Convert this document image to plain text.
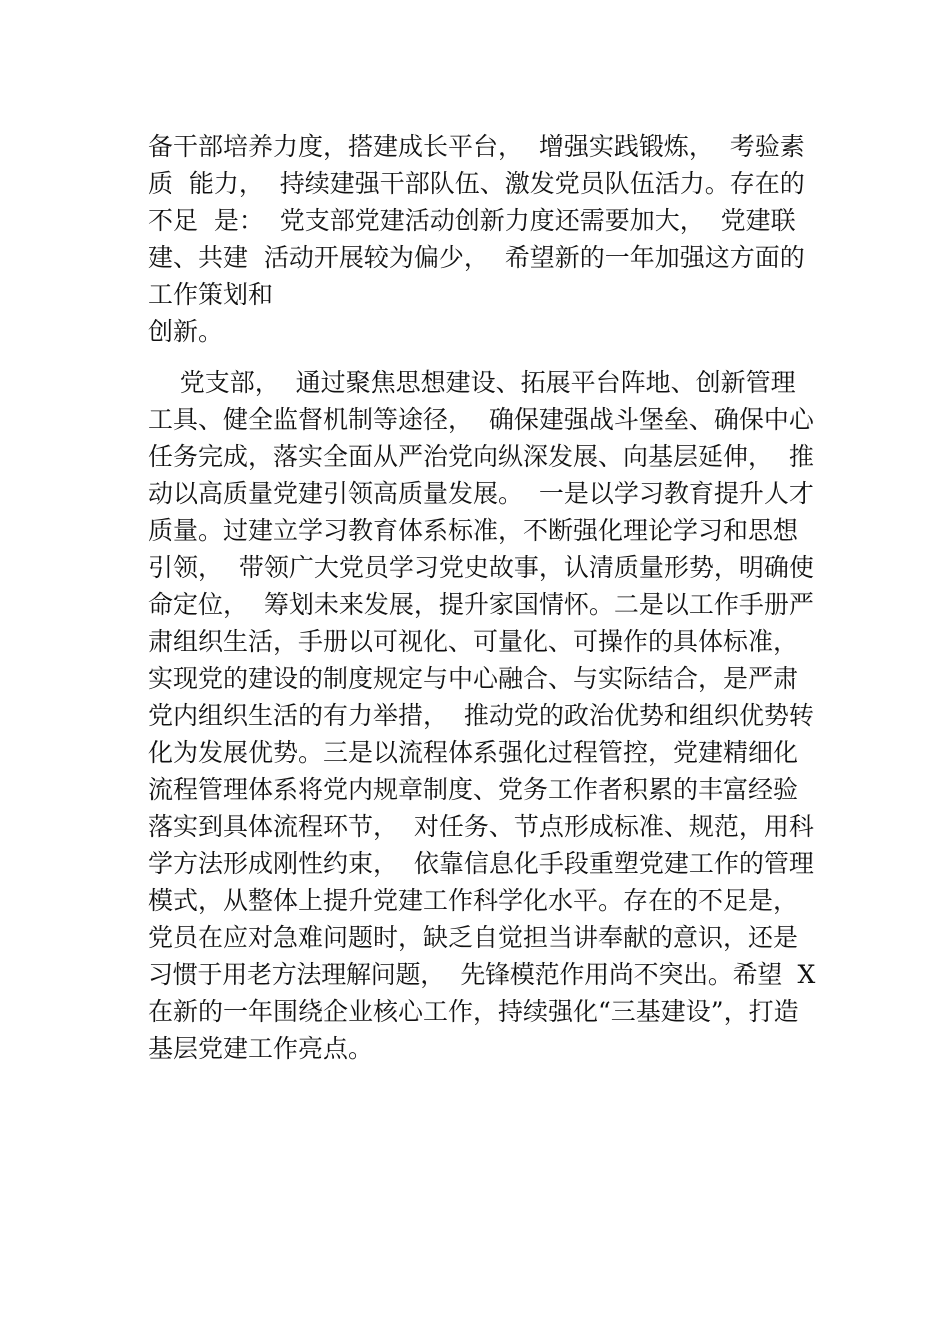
备干部培养力度，搭建成长平台，  增强实践锻炼，  考验素
质  能力，  持续建强干部队伍、激发党员队伍活力。存在的
不足  是：  党支部党建活动创新力度还需要加大，  党建联
建、共建  活动开展较为偏少，  希望新的一年加强这方面的
工作策划和
创新。
党支部，  通过聚焦思想建设、拓展平台阵地、创新管理
工具、健全监督机制等途径，  确保建强战斗堡垒、确保中心
任务完成，落实全面从严治党向纵深发展、向基层延伸，  推
动以高质量党建引领高质量发展。  一是以学习教育提升人才
质量。过建立学习教育体系标准，不断强化理论学习和思想
引领，  带领广大党员学习党史故事，认清质量形势，明确使
命定位，  筹划未来发展，提升家国情怀。二是以工作手册严
肃组织生活，手册以可视化、可量化、可操作的具体标准，
实现党的建设的制度规定与中心融合、与实际结合，是严肃
党内组织生活的有力举措，  推动党的政治优势和组织优势转
化为发展优势。三是以流程体系强化过程管控，党建精细化
流程管理体系将党内规章制度、党务工作者积累的丰富经验
落实到具体流程环节，  对任务、节点形成标准、规范，用科
学方法形成刚性约束，  依靠信息化手段重塑党建工作的管理
模式，从整体上提升党建工作科学化水平。存在的不足是，
党员在应对急难问题时，缺乏自觉担当讲奉献的意识，还是
习惯于用老方法理解问题，  先锋模范作用尚不突出。希望  X
在新的一年围绕企业核心工作，持续强化“三基建设”，打造
基层党建工作亮点。
